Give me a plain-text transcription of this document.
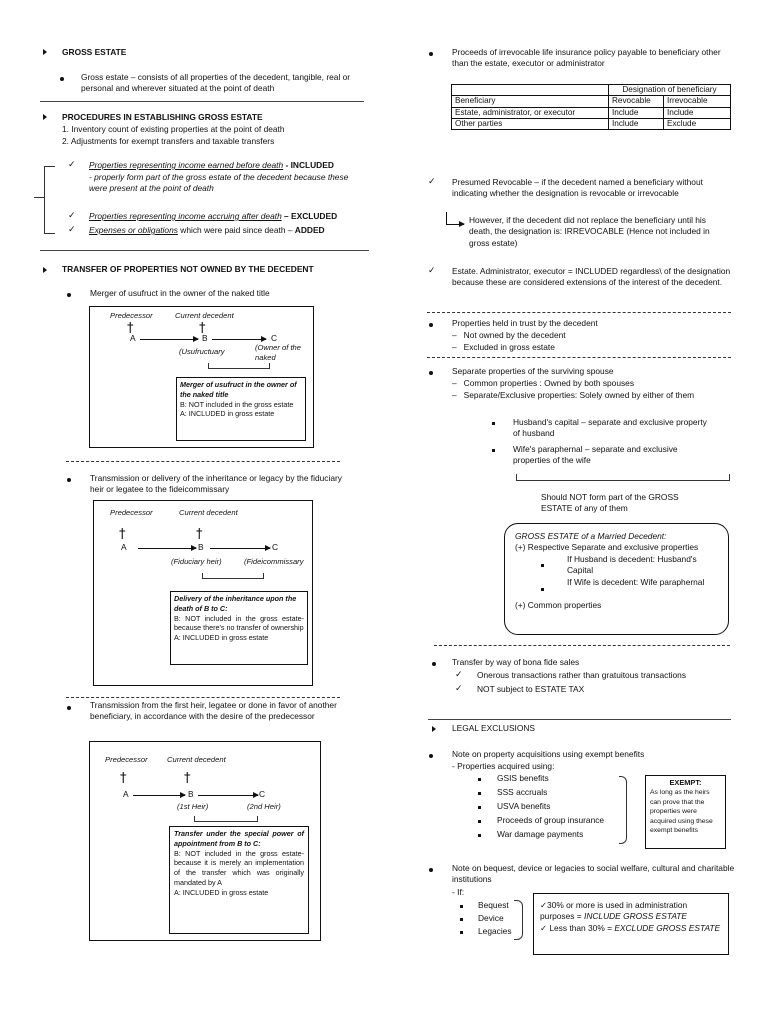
GROSS ESTATE
Gross estate – consists of all properties of the decedent, tangible, real or personal and wherever situated at the point of death
PROCEDURES IN ESTABLISHING GROSS ESTATE
1. Inventory count of existing properties at the point of death
2. Adjustments for exempt transfers and taxable transfers
✓ Properties representing income earned before death - INCLUDED
- properly form part of the gross estate of the decedent because these were present at the point of death
✓ Properties representing income accruing after death – EXCLUDED
✓ Expenses or obligations which were paid since death – ADDED
TRANSFER OF PROPERTIES NOT OWNED BY THE DECEDENT
Merger of usufruct in the owner of the naked title
Predecessor	Current decedent
†	†
A	B	C
(Usufructuary	(Owner of the naked
Merger of usufruct in the owner of the naked title
B: NOT included in the gross estate
A: INCLUDED in gross estate
Transmission or delivery of the inheritance or legacy by the fiduciary heir or legatee to the fideicommissary
Predecessor	Current decedent
†	†
A	B	C
(Fiduciary heir)	(Fideicommissary
Delivery of the inheritance upon the death of B to C:
B: NOT included in the gross estate- because there's no transfer of ownership
A: INCLUDED in gross estate
Transmission from the first heir, legatee or done in favor of another beneficiary, in accordance with the desire of the predecessor
Predecessor	Current decedent
†	†
A	B	C
(1st Heir)	(2nd Heir)
Transfer under the special power of appointment from B to C:
B: NOT included in the gross estate- because it is merely an implementation of the transfer which was originally mandated by A
A: INCLUDED in gross estate
Proceeds of irrevocable life insurance policy payable to beneficiary other than the estate, executor or administrator
	Designation of beneficiary	
Beneficiary	Revocable	Irrevocable
Estate, administrator, or executor	Include	Include
Other parties	Include	Exclude
✓ Presumed Revocable – if the decedent named a beneficiary without indicating whether the designation is revocable or irrevocable
However, if the decedent did not replace the beneficiary until his death, the designation is: IRREVOCABLE (Hence not included in gross estate)
✓ Estate. Administrator, executor = INCLUDED regardless\ of the designation because these are considered extensions of the interest of the decedent.
Properties held in trust by the decedent
–   Not owned by the decedent
–   Excluded in gross estate
Separate properties of the surviving spouse
–   Common properties : Owned by both spouses
–   Separate/Exclusive properties: Solely owned by either of them
Husband's capital – separate and exclusive property of husband
Wife's paraphernal – separate and exclusive properties of the wife
Should NOT form part of the GROSS ESTATE of any of them
GROSS ESTATE of a Married Decedent:
(+) Respective Separate and exclusive properties
If Husband is decedent: Husband's Capital
If Wife is decedent: Wife paraphernal
(+) Common properties
Transfer by way of bona fide sales
✓ Onerous transactions rather than gratuitous transactions
✓ NOT subject to ESTATE TAX
LEGAL EXCLUSIONS
Note on property acquisitions using exempt benefits
- Properties acquired using:
GSIS benefits
SSS accruals
USVA benefits
Proceeds of group insurance
War damage payments
EXEMPT:
As long as the heirs can prove that the properties were acquired using these exempt benefits
Note on bequest, device or legacies to social welfare, cultural and charitable institutions
- If:
Bequest
Device
Legacies
✓30% or more is used in administration purposes = INCLUDE GROSS ESTATE
✓ Less than 30% = EXCLUDE GROSS ESTATE
